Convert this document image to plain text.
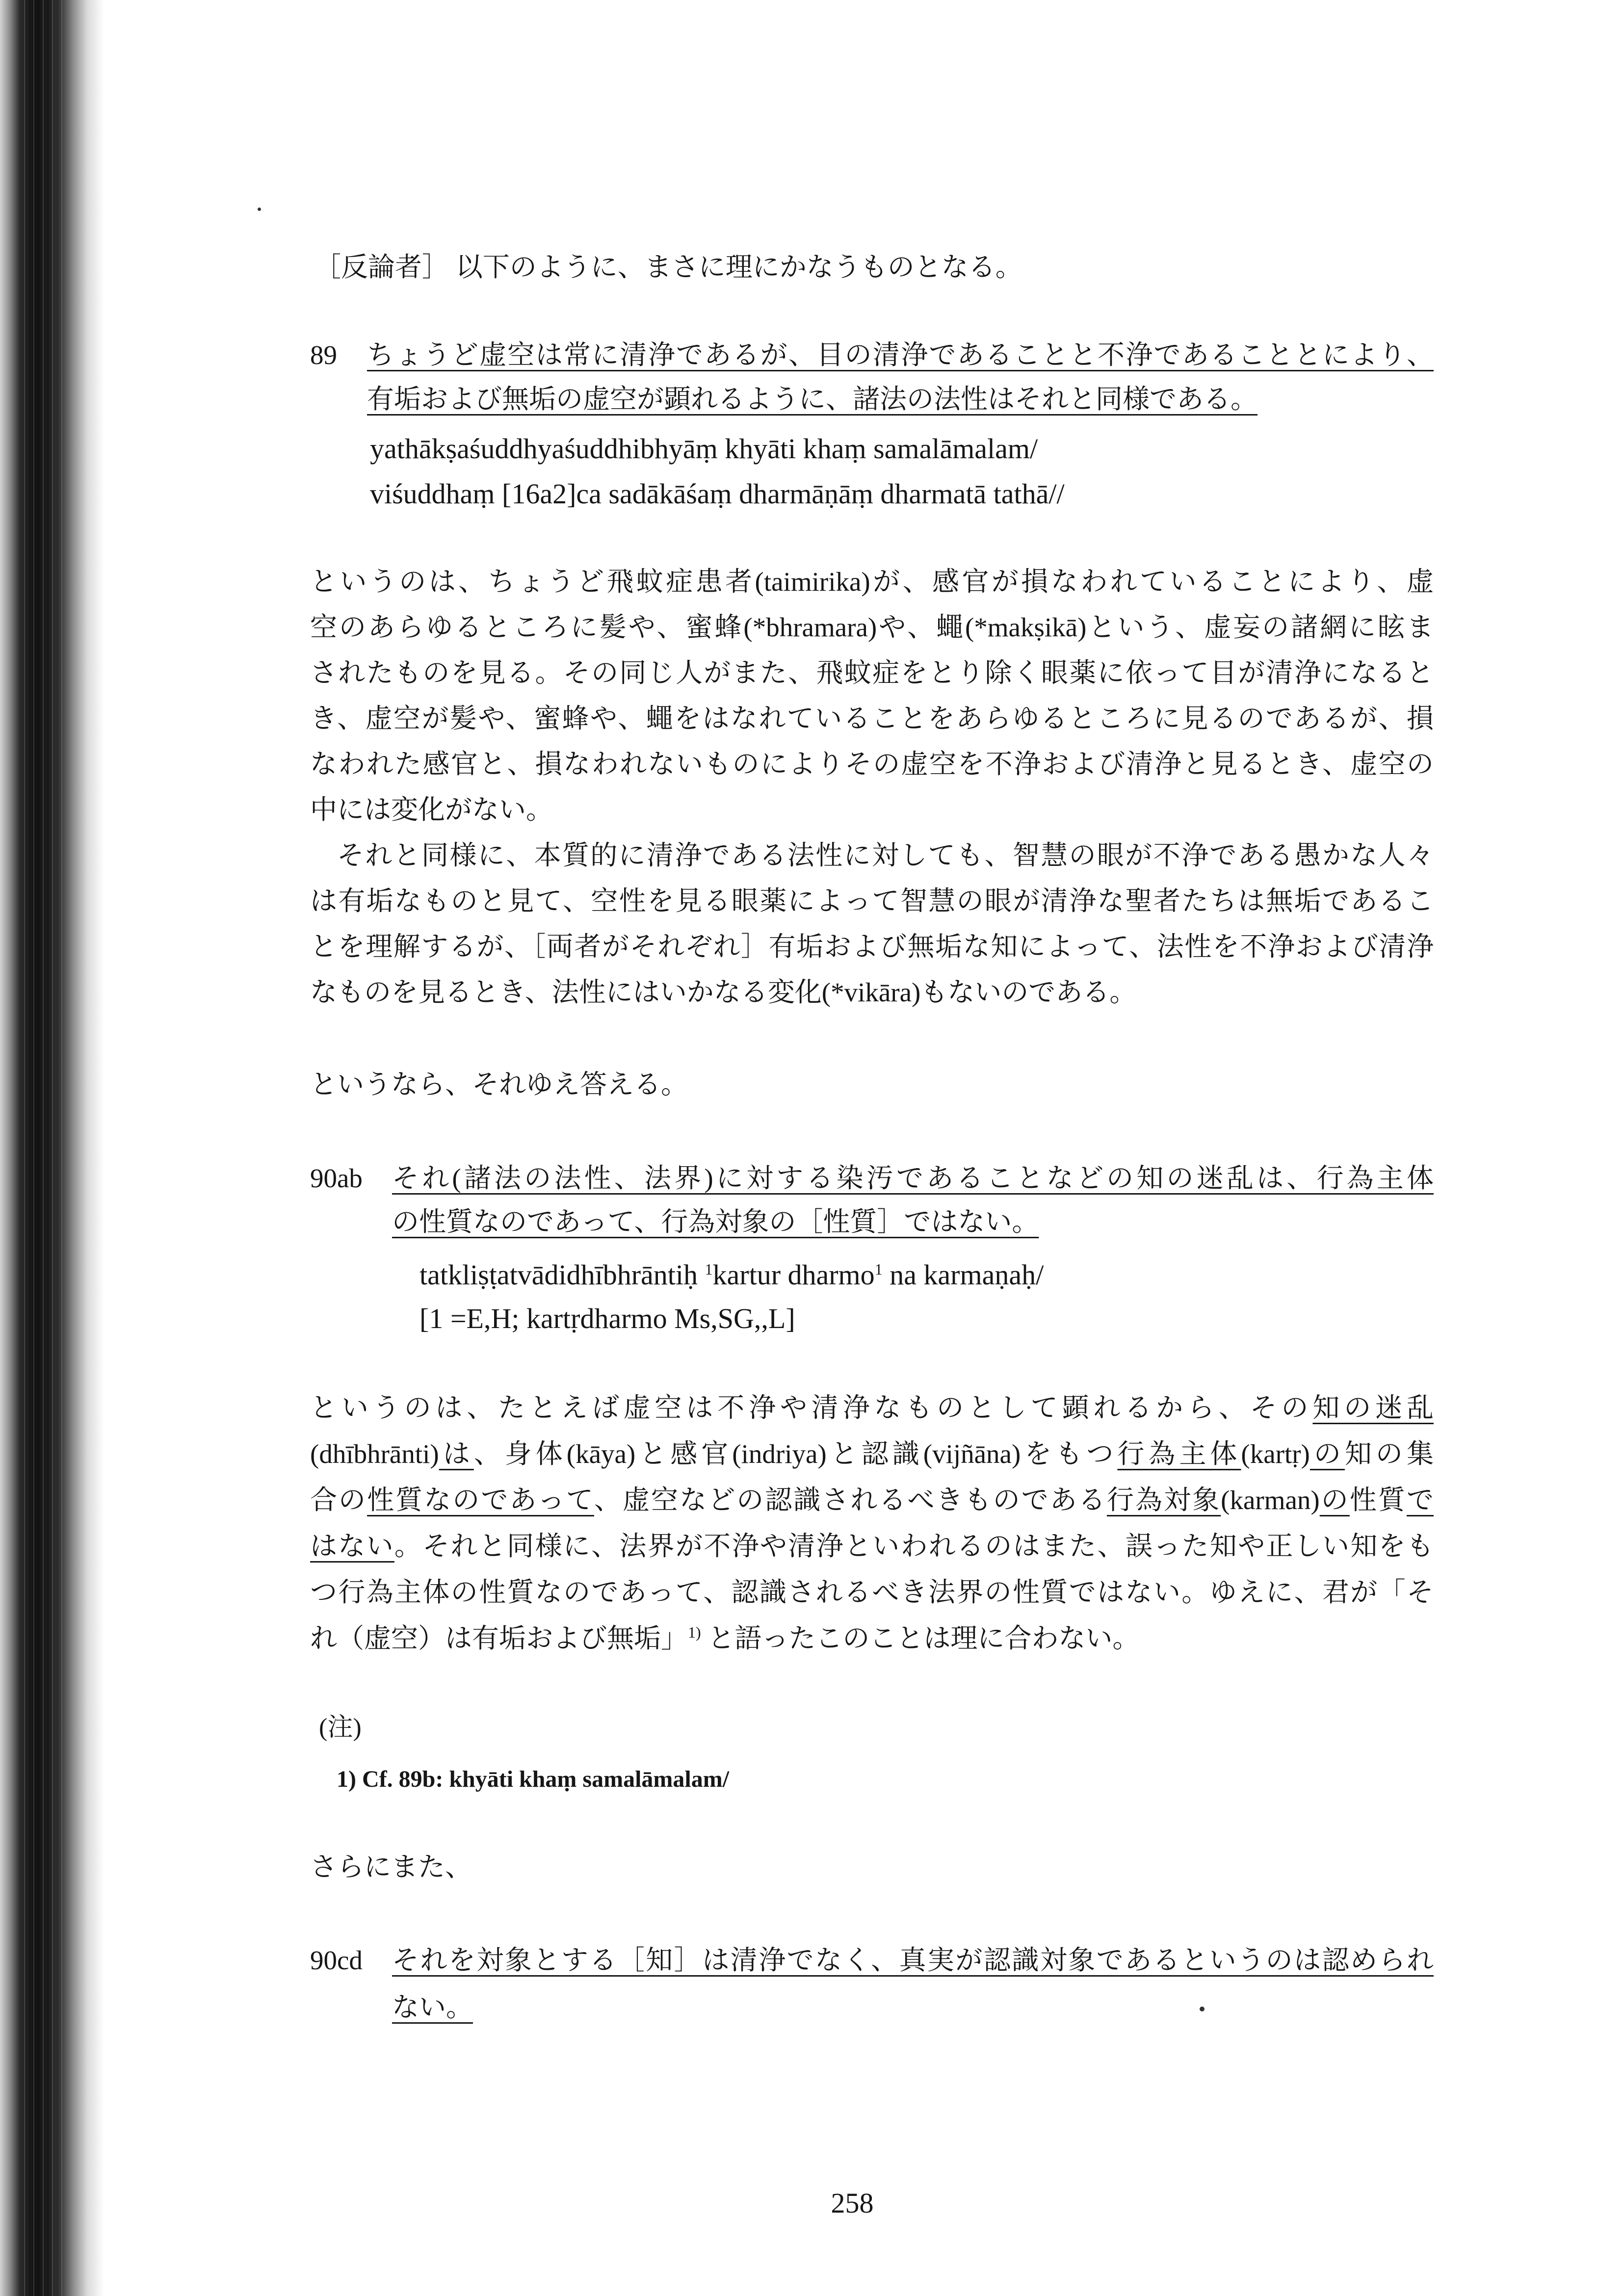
［反論者］ 以下のように、まさに理にかなうものとなる。
89 ちょうど虚空は常に清浄であるが、目の清浄であることと不浄であることとにより、
有垢および無垢の虚空が顕れるように、諸法の法性はそれと同様である。
yathākṣaśuddhyaśuddhibhyāṃ khyāti khaṃ samalāmalam/
viśuddhaṃ [16a2]ca sadākāśaṃ dharmāṇāṃ dharmatā tathā//
というのは、ちょうど飛蚊症患者(taimirika)が、感官が損なわれていることにより、虚
空のあらゆるところに髪や、蜜蜂(*bhramara)や、蠅(*makṣikā)という、虚妄の諸網に眩ま
されたものを見る。その同じ人がまた、飛蚊症をとり除く眼薬に依って目が清浄になると
き、虚空が髪や、蜜蜂や、蠅をはなれていることをあらゆるところに見るのであるが、損
なわれた感官と、損なわれないものによりその虚空を不浄および清浄と見るとき、虚空の
中には変化がない。
それと同様に、本質的に清浄である法性に対しても、智慧の眼が不浄である愚かな人々
は有垢なものと見て、空性を見る眼薬によって智慧の眼が清浄な聖者たちは無垢であるこ
とを理解するが、［両者がそれぞれ］有垢および無垢な知によって、法性を不浄および清浄
なものを見るとき、法性にはいかなる変化(*vikāra)もないのである。
というなら、それゆえ答える。
90ab それ(諸法の法性、法界)に対する染汚であることなどの知の迷乱は、行為主体
の性質なのであって、行為対象の［性質］ではない。
tatkliṣṭatvādidhībhrāntiḥ $^1$kartur dharmo$^1$ na karmaṇaḥ/
[1 =E,H; kartṛdharmo Ms,SG,,L]
というのは、たとえば虚空は不浄や清浄なものとして顕れるから、その知の迷乱
(dhībhrānti)は、身体(kāya)と感官(indriya)と認識(vijñāna)をもつ行為主体(kartṛ)の知の集
合の性質なのであって、虚空などの認識されるべきものである行為対象(karman)の性質で
はない。それと同様に、法界が不浄や清浄といわれるのはまた、誤った知や正しい知をも
つ行為主体の性質なのであって、認識されるべき法界の性質ではない。ゆえに、君が「そ
れ（虚空）は有垢および無垢」$^{1)}$ と語ったこのことは理に合わない。
(注)
1) Cf. 89b: khyāti khaṃ samalāmalam/
さらにまた、
90cd それを対象とする［知］は清浄でなく、真実が認識対象であるというのは認められ
ない。
258
